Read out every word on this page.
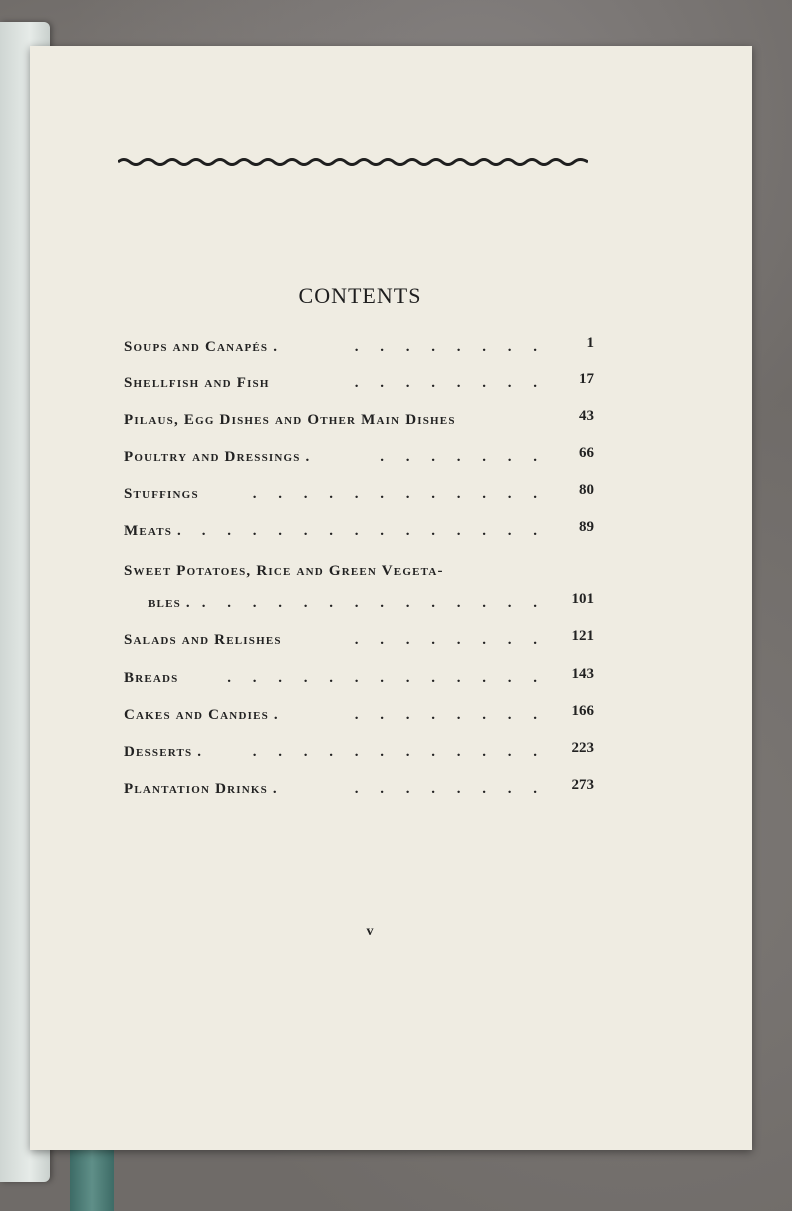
CONTENTS
Soups and Canapés .	. . . . . . . .	1
Shellfish and Fish	. . . . . . . .	17
Pilaus, Egg Dishes and Other Main Dishes	43
Poultry and Dressings .	. . . . . . .	66
Stuffings	. . . . . . . . . . . .	80
Meats . . . . . . . . . . . . . . .	89
Sweet Potatoes, Rice and Green Vegeta-
bles . . . . . . . . . . . . . . .	101
Salads and Relishes	. . . . . . . .	121
Breads	. . . . . . . . . . . . .	143
Cakes and Candies .	. . . . . . . .	166
Desserts .	. . . . . . . . . . . .	223
Plantation Drinks .	. . . . . . . .	273
v
